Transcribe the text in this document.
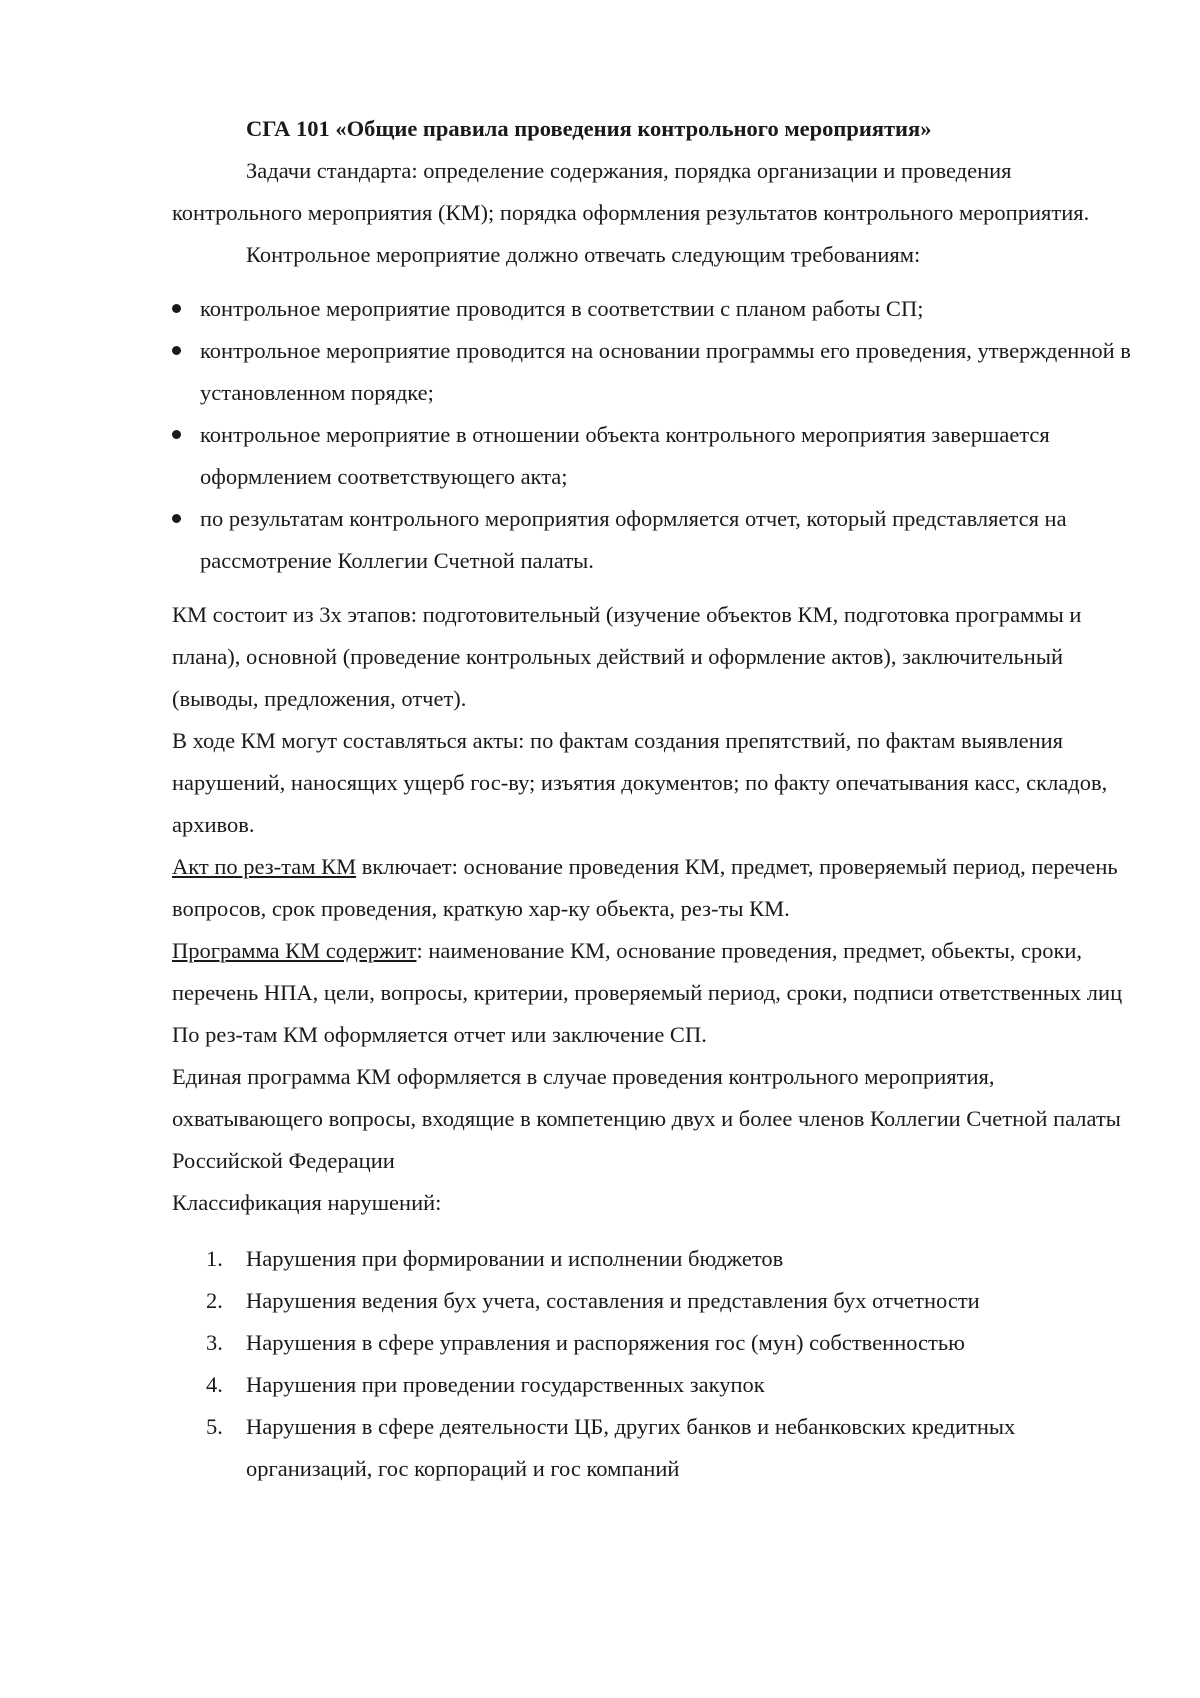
СГА 101 «Общие правила проведения контрольного мероприятия»

Задачи стандарта: определение содержания, порядка организации и проведения контрольного мероприятия (КМ); порядка оформления результатов контрольного мероприятия.

Контрольное мероприятие должно отвечать следующим требованиям:

контрольное мероприятие проводится в соответствии с планом работы СП;
контрольное мероприятие проводится на основании программы его проведения, утвержденной в установленном порядке;
контрольное мероприятие в отношении объекта контрольного мероприятия завершается оформлением соответствующего акта;
по результатам контрольного мероприятия оформляется отчет, который представляется на рассмотрение Коллегии Счетной палаты.

КМ состоит из 3х этапов: подготовительный (изучение объектов КМ, подготовка программы и плана), основной (проведение контрольных действий и оформление актов), заключительный (выводы, предложения, отчет).

В ходе КМ могут составляться акты: по фактам создания препятствий, по фактам выявления нарушений, наносящих ущерб гос-ву; изъятия документов; по факту опечатывания касс, складов, архивов.

Акт по рез-там КМ включает: основание проведения КМ, предмет, проверяемый период, перечень вопросов, срок проведения, краткую хар-ку обьекта, рез-ты КМ.

Программа КМ содержит: наименование КМ, основание проведения, предмет, обьекты, сроки, перечень НПА, цели, вопросы, критерии, проверяемый период, сроки, подписи ответственных лиц

По рез-там КМ оформляется отчет или заключение СП.

Единая программа КМ оформляется в случае проведения контрольного мероприятия, охватывающего вопросы, входящие в компетенцию двух и более членов Коллегии Счетной палаты Российской Федерации

Классификация нарушений:

1. Нарушения при формировании и исполнении бюджетов
2. Нарушения ведения бух учета, составления и представления бух отчетности
3. Нарушения в сфере управления и распоряжения гос (мун) собственностью
4. Нарушения при проведении государственных закупок
5. Нарушения в сфере деятельности ЦБ, других банков и небанковских кредитных организаций, гос корпораций и гос компаний
